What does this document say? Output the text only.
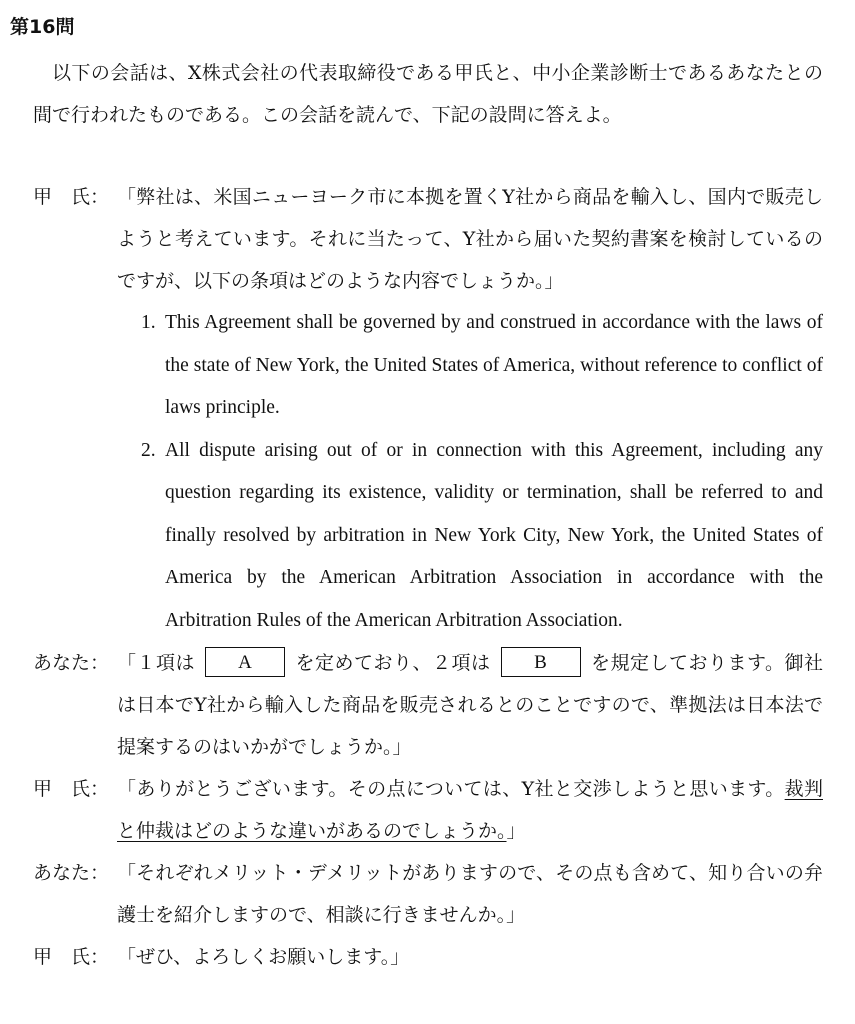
第16問

以下の会話は、X株式会社の代表取締役である甲氏と、中小企業診断士であるあなたとの間で行われたものである。この会話を読んで、下記の設問に答えよ。

甲　氏： 「弊社は、米国ニューヨーク市に本拠を置くY社から商品を輸入し、国内で販売しようと考えています。それに当たって、Y社から届いた契約書案を検討しているのですが、以下の条項はどのような内容でしょうか。」
1. This Agreement shall be governed by and construed in accordance with the laws of the state of New York, the United States of America, without reference to conflict of laws principle.
2. All dispute arising out of or in connection with this Agreement, including any question regarding its existence, validity or termination, shall be referred to and finally resolved by arbitration in New York City, New York, the United States of America by the American Arbitration Association in accordance with the Arbitration Rules of the American Arbitration Association.
あなた： 「１項は A を定めており、２項は B を規定しております。御社は日本でY社から輸入した商品を販売されるとのことですので、準拠法は日本法で提案するのはいかがでしょうか。」
甲　氏： 「ありがとうございます。その点については、Y社と交渉しようと思います。裁判と仲裁はどのような違いがあるのでしょうか。」
あなた： 「それぞれメリット・デメリットがありますので、その点も含めて、知り合いの弁護士を紹介しますので、相談に行きませんか。」
甲　氏： 「ぜひ、よろしくお願いします。」
